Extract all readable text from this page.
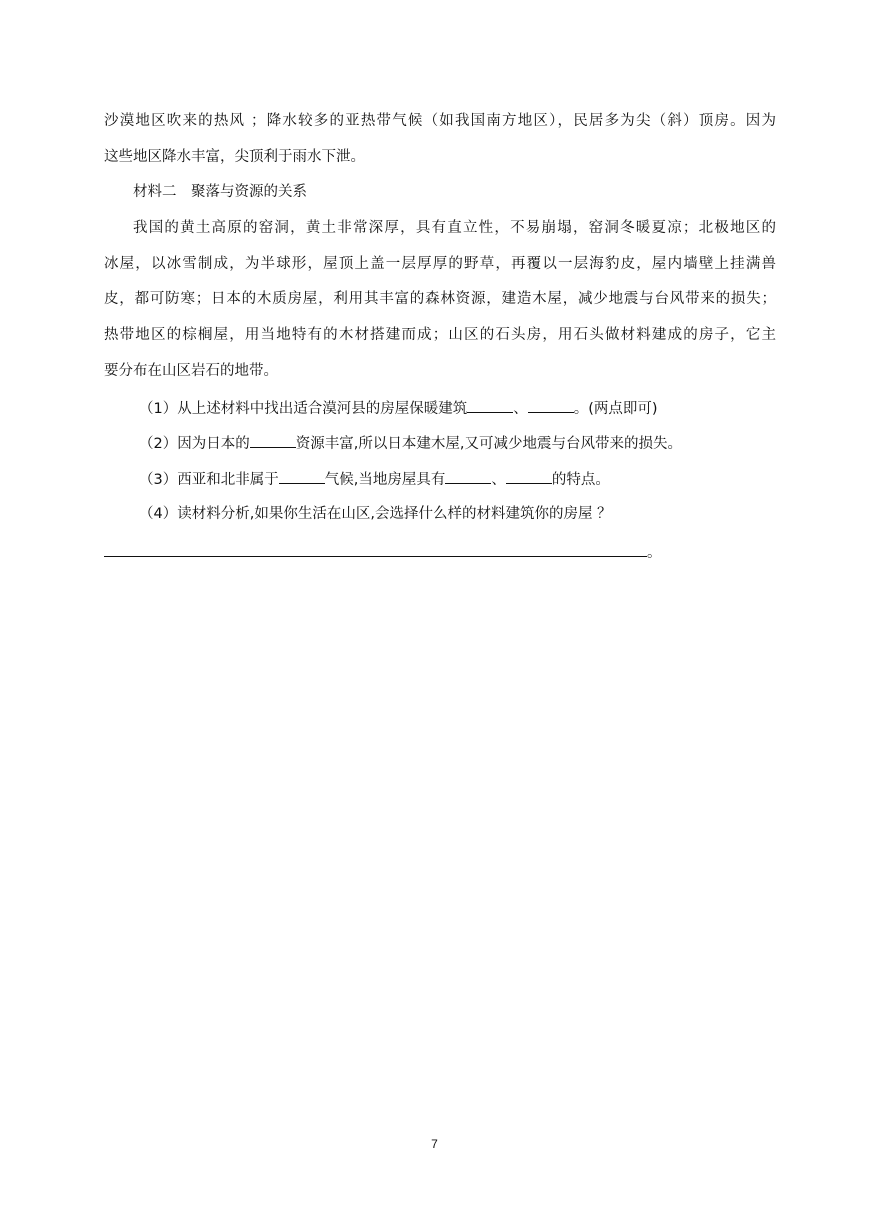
沙漠地区吹来的热风 ；降水较多的亚热带气候（如我国南方地区），民居多为尖（斜）顶房。因为
这些地区降水丰富，尖顶利于雨水下泄。
材料二　聚落与资源的关系
我国的黄土高原的窑洞，黄土非常深厚，具有直立性，不易崩塌，窑洞冬暖夏凉；北极地区的
冰屋，以冰雪制成，为半球形，屋顶上盖一层厚厚的野草，再覆以一层海豹皮，屋内墙壁上挂满兽
皮，都可防寒；日本的木质房屋，利用其丰富的森林资源，建造木屋，减少地震与台风带来的损失；
热带地区的棕榈屋，用当地特有的木材搭建而成；山区的石头房，用石头做材料建成的房子，它主
要分布在山区岩石的地带。
（1）从上述材料中找出适合漠河县的房屋保暖建筑	、	。(两点即可)
（2）因为日本的	资源丰富,所以日本建木屋,又可减少地震与台风带来的损失。
（3）西亚和北非属于	气候,当地房屋具有	、	的特点。
（4）读材料分析,如果你生活在山区,会选择什么样的材料建筑你的房屋 ？
。
7
